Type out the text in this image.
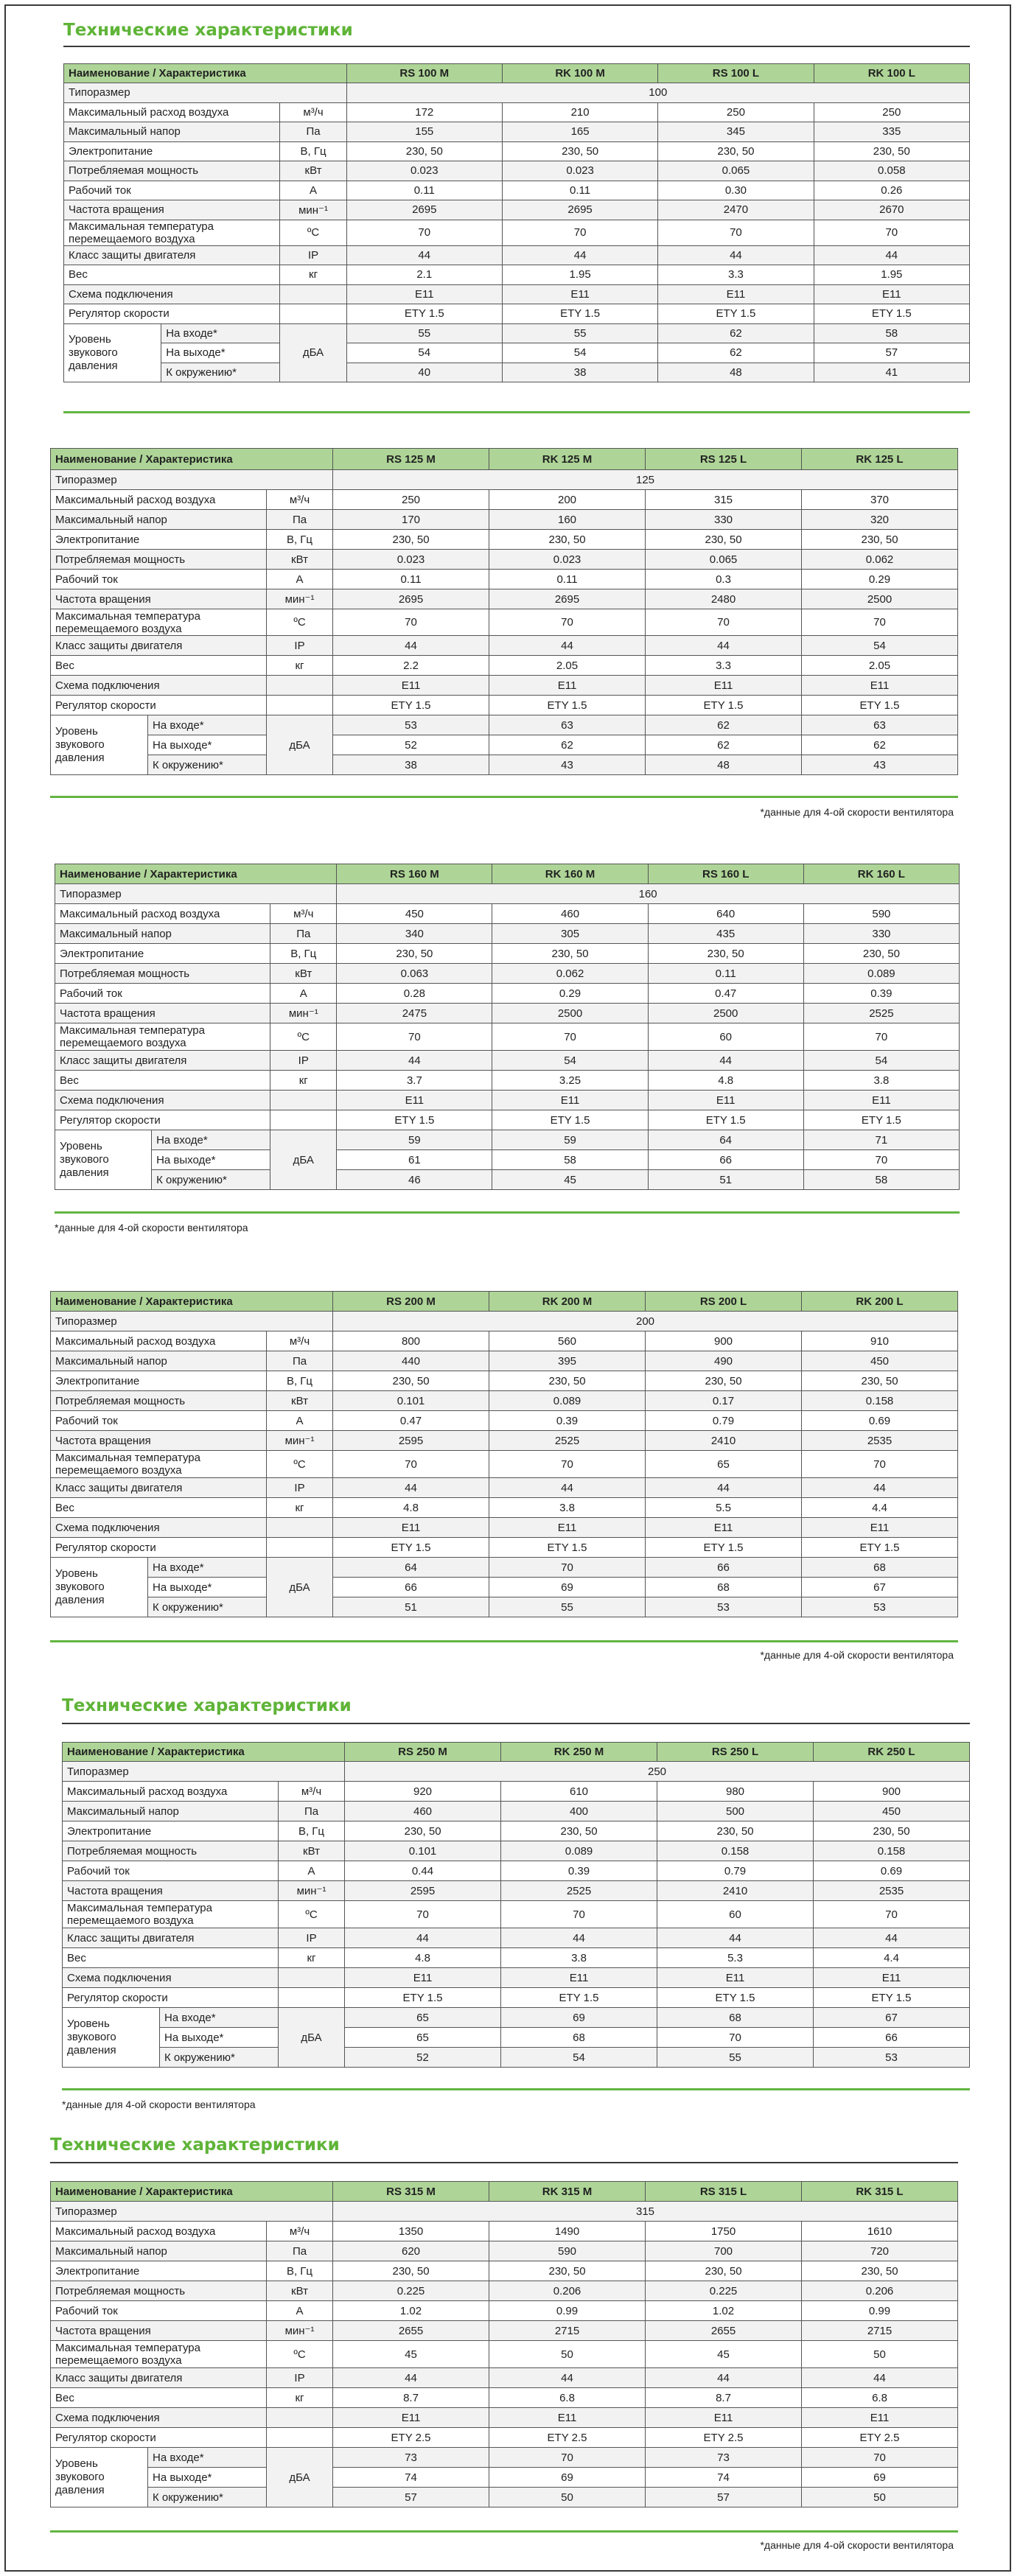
Технические характеристики
Наименование / Характеристика			RS 100 M	RK 100 M	RS 100 L	RK 100 L
Типоразмер			100			
Максимальный расход воздуха		м³/ч	172	210	250	250
Максимальный напор		Па	155	165	345	335
Электропитание		В, Гц	230, 50	230, 50	230, 50	230, 50
Потребляемая мощность		кВт	0.023	0.023	0.065	0.058
Рабочий ток		А	0.11	0.11	0.30	0.26
Частота вращения		мин⁻¹	2695	2695	2470	2670
Максимальная температура перемещаемого воздуха		ºС	70	70	70	70
Класс защиты двигателя		IP	44	44	44	44
Вес		кг	2.1	1.95	3.3	1.95
Схема подключения			E11	E11	E11	E11
Регулятор скорости			ETY 1.5	ETY 1.5	ETY 1.5	ETY 1.5
Уровень звукового давления	На входе*	дБА	55	55	62	58
	На выходе*		54	54	62	57
	К окружению*		40	38	48	41
Наименование / Характеристика			RS 125 M	RK 125 M	RS 125 L	RK 125 L
Типоразмер			125			
Максимальный расход воздуха		м³/ч	250	200	315	370
Максимальный напор		Па	170	160	330	320
Электропитание		В, Гц	230, 50	230, 50	230, 50	230, 50
Потребляемая мощность		кВт	0.023	0.023	0.065	0.062
Рабочий ток		А	0.11	0.11	0.3	0.29
Частота вращения		мин⁻¹	2695	2695	2480	2500
Максимальная температура перемещаемого воздуха		ºС	70	70	70	70
Класс защиты двигателя		IP	44	44	44	54
Вес		кг	2.2	2.05	3.3	2.05
Схема подключения			E11	E11	E11	E11
Регулятор скорости			ETY 1.5	ETY 1.5	ETY 1.5	ETY 1.5
Уровень звукового давления	На входе*	дБА	53	63	62	63
	На выходе*		52	62	62	62
	К окружению*		38	43	48	43
*данные для 4-ой скорости вентилятора
Наименование / Характеристика			RS 160 M	RK 160 M	RS 160 L	RK 160 L
Типоразмер			160			
Максимальный расход воздуха		м³/ч	450	460	640	590
Максимальный напор		Па	340	305	435	330
Электропитание		В, Гц	230, 50	230, 50	230, 50	230, 50
Потребляемая мощность		кВт	0.063	0.062	0.11	0.089
Рабочий ток		А	0.28	0.29	0.47	0.39
Частота вращения		мин⁻¹	2475	2500	2500	2525
Максимальная температура перемещаемого воздуха		ºС	70	70	60	70
Класс защиты двигателя		IP	44	54	44	54
Вес		кг	3.7	3.25	4.8	3.8
Схема подключения			E11	E11	E11	E11
Регулятор скорости			ETY 1.5	ETY 1.5	ETY 1.5	ETY 1.5
Уровень звукового давления	На входе*	дБА	59	59	64	71
	На выходе*		61	58	66	70
	К окружению*		46	45	51	58
*данные для 4-ой скорости вентилятора
Наименование / Характеристика			RS 200 M	RK 200 M	RS 200 L	RK 200 L
Типоразмер			200			
Максимальный расход воздуха		м³/ч	800	560	900	910
Максимальный напор		Па	440	395	490	450
Электропитание		В, Гц	230, 50	230, 50	230, 50	230, 50
Потребляемая мощность		кВт	0.101	0.089	0.17	0.158
Рабочий ток		А	0.47	0.39	0.79	0.69
Частота вращения		мин⁻¹	2595	2525	2410	2535
Максимальная температура перемещаемого воздуха		ºС	70	70	65	70
Класс защиты двигателя		IP	44	44	44	44
Вес		кг	4.8	3.8	5.5	4.4
Схема подключения			E11	E11	E11	E11
Регулятор скорости			ETY 1.5	ETY 1.5	ETY 1.5	ETY 1.5
Уровень звукового давления	На входе*	дБА	64	70	66	68
	На выходе*		66	69	68	67
	К окружению*		51	55	53	53
*данные для 4-ой скорости вентилятора
Технические характеристики
Наименование / Характеристика			RS 250 M	RK 250 M	RS 250 L	RK 250 L
Типоразмер			250			
Максимальный расход воздуха		м³/ч	920	610	980	900
Максимальный напор		Па	460	400	500	450
Электропитание		В, Гц	230, 50	230, 50	230, 50	230, 50
Потребляемая мощность		кВт	0.101	0.089	0.158	0.158
Рабочий ток		А	0.44	0.39	0.79	0.69
Частота вращения		мин⁻¹	2595	2525	2410	2535
Максимальная температура перемещаемого воздуха		ºС	70	70	60	70
Класс защиты двигателя		IP	44	44	44	44
Вес		кг	4.8	3.8	5.3	4.4
Схема подключения			E11	E11	E11	E11
Регулятор скорости			ETY 1.5	ETY 1.5	ETY 1.5	ETY 1.5
Уровень звукового давления	На входе*	дБА	65	69	68	67
	На выходе*		65	68	70	66
	К окружению*		52	54	55	53
*данные для 4-ой скорости вентилятора
Технические характеристики
Наименование / Характеристика			RS 315 M	RK 315 M	RS 315 L	RK 315 L
Типоразмер			315			
Максимальный расход воздуха		м³/ч	1350	1490	1750	1610
Максимальный напор		Па	620	590	700	720
Электропитание		В, Гц	230, 50	230, 50	230, 50	230, 50
Потребляемая мощность		кВт	0.225	0.206	0.225	0.206
Рабочий ток		А	1.02	0.99	1.02	0.99
Частота вращения		мин⁻¹	2655	2715	2655	2715
Максимальная температура перемещаемого воздуха		ºС	45	50	45	50
Класс защиты двигателя		IP	44	44	44	44
Вес		кг	8.7	6.8	8.7	6.8
Схема подключения			E11	E11	E11	E11
Регулятор скорости			ETY 2.5	ETY 2.5	ETY 2.5	ETY 2.5
Уровень звукового давления	На входе*	дБА	73	70	73	70
	На выходе*		74	69	74	69
	К окружению*		57	50	57	50
*данные для 4-ой скорости вентилятора
